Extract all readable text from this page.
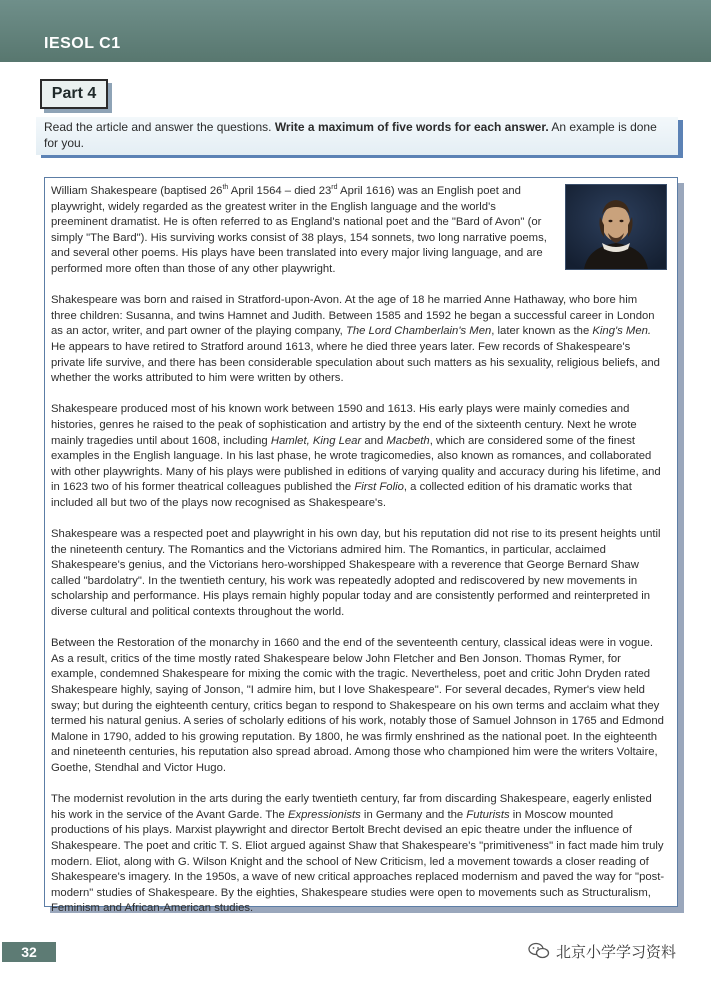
IESOL C1
Part 4
Read the article and answer the questions. Write a maximum of five words for each answer. An example is done for you.

William Shakespeare (baptised 26th April 1564 – died 23rd April 1616) was an English poet and playwright, widely regarded as the greatest writer in the English language and the world's preeminent dramatist. He is often referred to as England's national poet and the "Bard of Avon" (or simply "The Bard"). His surviving works consist of 38 plays, 154 sonnets, two long narrative poems, and several other poems. His plays have been translated into every major living language, and are performed more often than those of any other playwright.

Shakespeare was born and raised in Stratford-upon-Avon. At the age of 18 he married Anne Hathaway, who bore him three children: Susanna, and twins Hamnet and Judith. Between 1585 and 1592 he began a successful career in London as an actor, writer, and part owner of the playing company, The Lord Chamberlain's Men, later known as the King's Men. He appears to have retired to Stratford around 1613, where he died three years later. Few records of Shakespeare's private life survive, and there has been considerable speculation about such matters as his sexuality, religious beliefs, and whether the works attributed to him were written by others.

Shakespeare produced most of his known work between 1590 and 1613. His early plays were mainly comedies and histories, genres he raised to the peak of sophistication and artistry by the end of the sixteenth century. Next he wrote mainly tragedies until about 1608, including Hamlet, King Lear and Macbeth, which are considered some of the finest examples in the English language. In his last phase, he wrote tragicomedies, also known as romances, and collaborated with other playwrights. Many of his plays were published in editions of varying quality and accuracy during his lifetime, and in 1623 two of his former theatrical colleagues published the First Folio, a collected edition of his dramatic works that included all but two of the plays now recognised as Shakespeare's.

Shakespeare was a respected poet and playwright in his own day, but his reputation did not rise to its present heights until the nineteenth century. The Romantics and the Victorians admired him. The Romantics, in particular, acclaimed Shakespeare's genius, and the Victorians hero-worshipped Shakespeare with a reverence that George Bernard Shaw called "bardolatry". In the twentieth century, his work was repeatedly adopted and rediscovered by new movements in scholarship and performance. His plays remain highly popular today and are consistently performed and reinterpreted in diverse cultural and political contexts throughout the world.

Between the Restoration of the monarchy in 1660 and the end of the seventeenth century, classical ideas were in vogue. As a result, critics of the time mostly rated Shakespeare below John Fletcher and Ben Jonson. Thomas Rymer, for example, condemned Shakespeare for mixing the comic with the tragic. Nevertheless, poet and critic John Dryden rated Shakespeare highly, saying of Jonson, "I admire him, but I love Shakespeare". For several decades, Rymer's view held sway; but during the eighteenth century, critics began to respond to Shakespeare on his own terms and acclaim what they termed his natural genius. A series of scholarly editions of his work, notably those of Samuel Johnson in 1765 and Edmond Malone in 1790, added to his growing reputation. By 1800, he was firmly enshrined as the national poet. In the eighteenth and nineteenth centuries, his reputation also spread abroad. Among those who championed him were the writers Voltaire, Goethe, Stendhal and Victor Hugo.

The modernist revolution in the arts during the early twentieth century, far from discarding Shakespeare, eagerly enlisted his work in the service of the Avant Garde. The Expressionists in Germany and the Futurists in Moscow mounted productions of his plays. Marxist playwright and director Bertolt Brecht devised an epic theatre under the influence of Shakespeare. The poet and critic T. S. Eliot argued against Shaw that Shakespeare's "primitiveness" in fact made him truly modern. Eliot, along with G. Wilson Knight and the school of New Criticism, led a movement towards a closer reading of Shakespeare's imagery. In the 1950s, a wave of new critical approaches replaced modernism and paved the way for "post-modern" studies of Shakespeare. By the eighties, Shakespeare studies were open to movements such as Structuralism, Feminism and African-American studies.

32	北京小学学习资料
